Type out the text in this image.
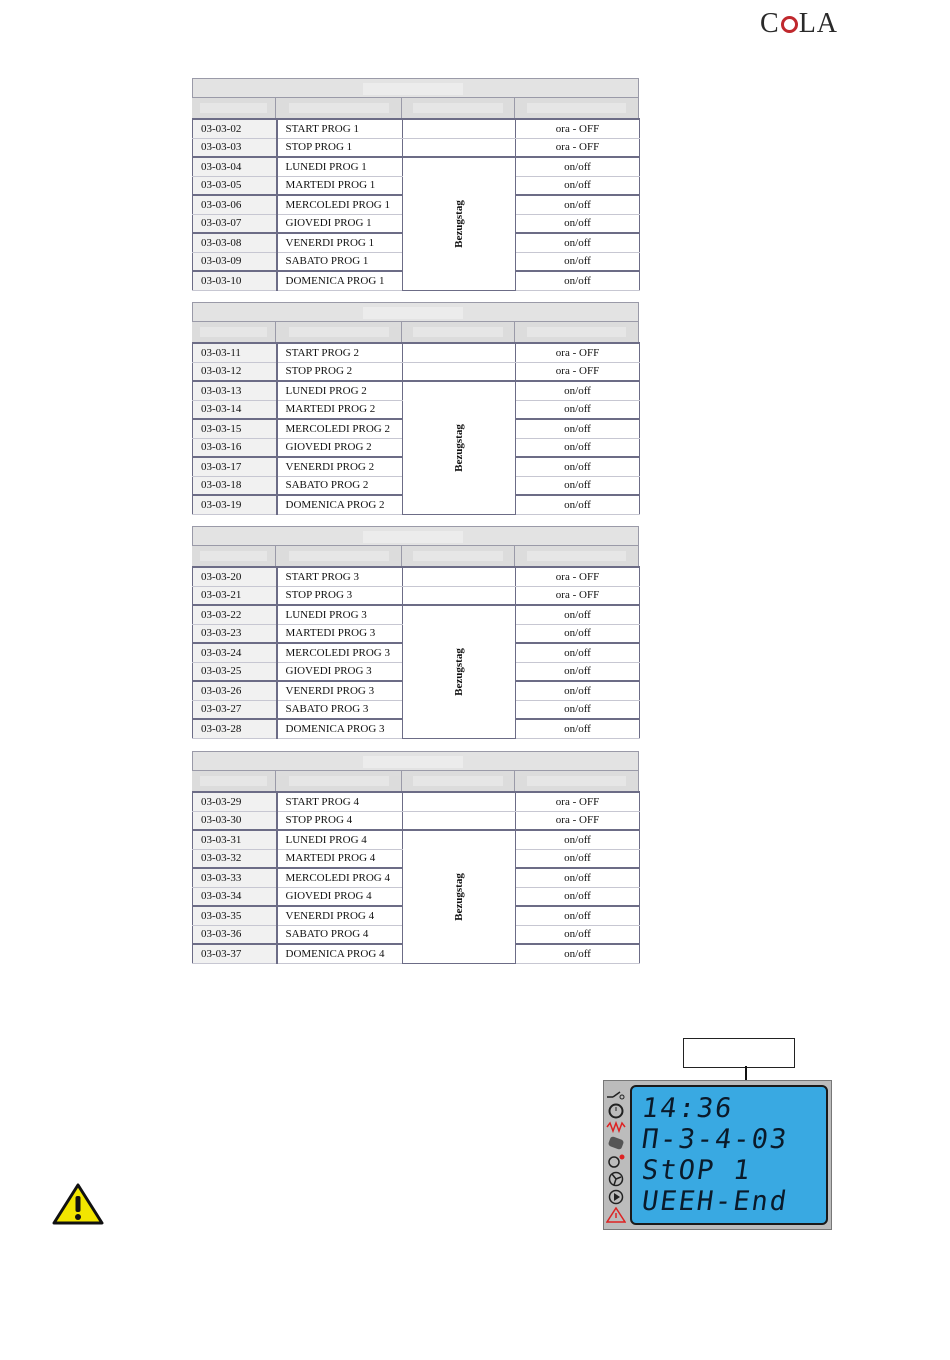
C LA
03-03-02	START PROG 1		ora - OFF
03-03-03	STOP PROG 1		ora - OFF
03-03-04	LUNEDI PROG 1	Bezugstag	on/off
03-03-05	MARTEDI PROG 1		on/off
03-03-06	MERCOLEDI PROG 1		on/off
03-03-07	GIOVEDI PROG 1		on/off
03-03-08	VENERDI PROG 1		on/off
03-03-09	SABATO PROG 1		on/off
03-03-10	DOMENICA PROG 1		on/off
03-03-11	START PROG 2		ora - OFF
03-03-12	STOP PROG 2		ora - OFF
03-03-13	LUNEDI PROG 2	Bezugstag	on/off
03-03-14	MARTEDI PROG 2		on/off
03-03-15	MERCOLEDI PROG 2		on/off
03-03-16	GIOVEDI PROG 2		on/off
03-03-17	VENERDI PROG 2		on/off
03-03-18	SABATO PROG 2		on/off
03-03-19	DOMENICA PROG 2		on/off
03-03-20	START PROG 3		ora - OFF
03-03-21	STOP PROG 3		ora - OFF
03-03-22	LUNEDI PROG 3	Bezugstag	on/off
03-03-23	MARTEDI PROG 3		on/off
03-03-24	MERCOLEDI PROG 3		on/off
03-03-25	GIOVEDI PROG 3		on/off
03-03-26	VENERDI PROG 3		on/off
03-03-27	SABATO PROG 3		on/off
03-03-28	DOMENICA PROG 3		on/off
03-03-29	START PROG 4		ora - OFF
03-03-30	STOP PROG 4		ora - OFF
03-03-31	LUNEDI PROG 4	Bezugstag	on/off
03-03-32	MARTEDI PROG 4		on/off
03-03-33	MERCOLEDI PROG 4		on/off
03-03-34	GIOVEDI PROG 4		on/off
03-03-35	VENERDI PROG 4		on/off
03-03-36	SABATO PROG 4		on/off
03-03-37	DOMENICA PROG 4		on/off
14:36
Π-3-4-03
StOP 1
UEEH-End
